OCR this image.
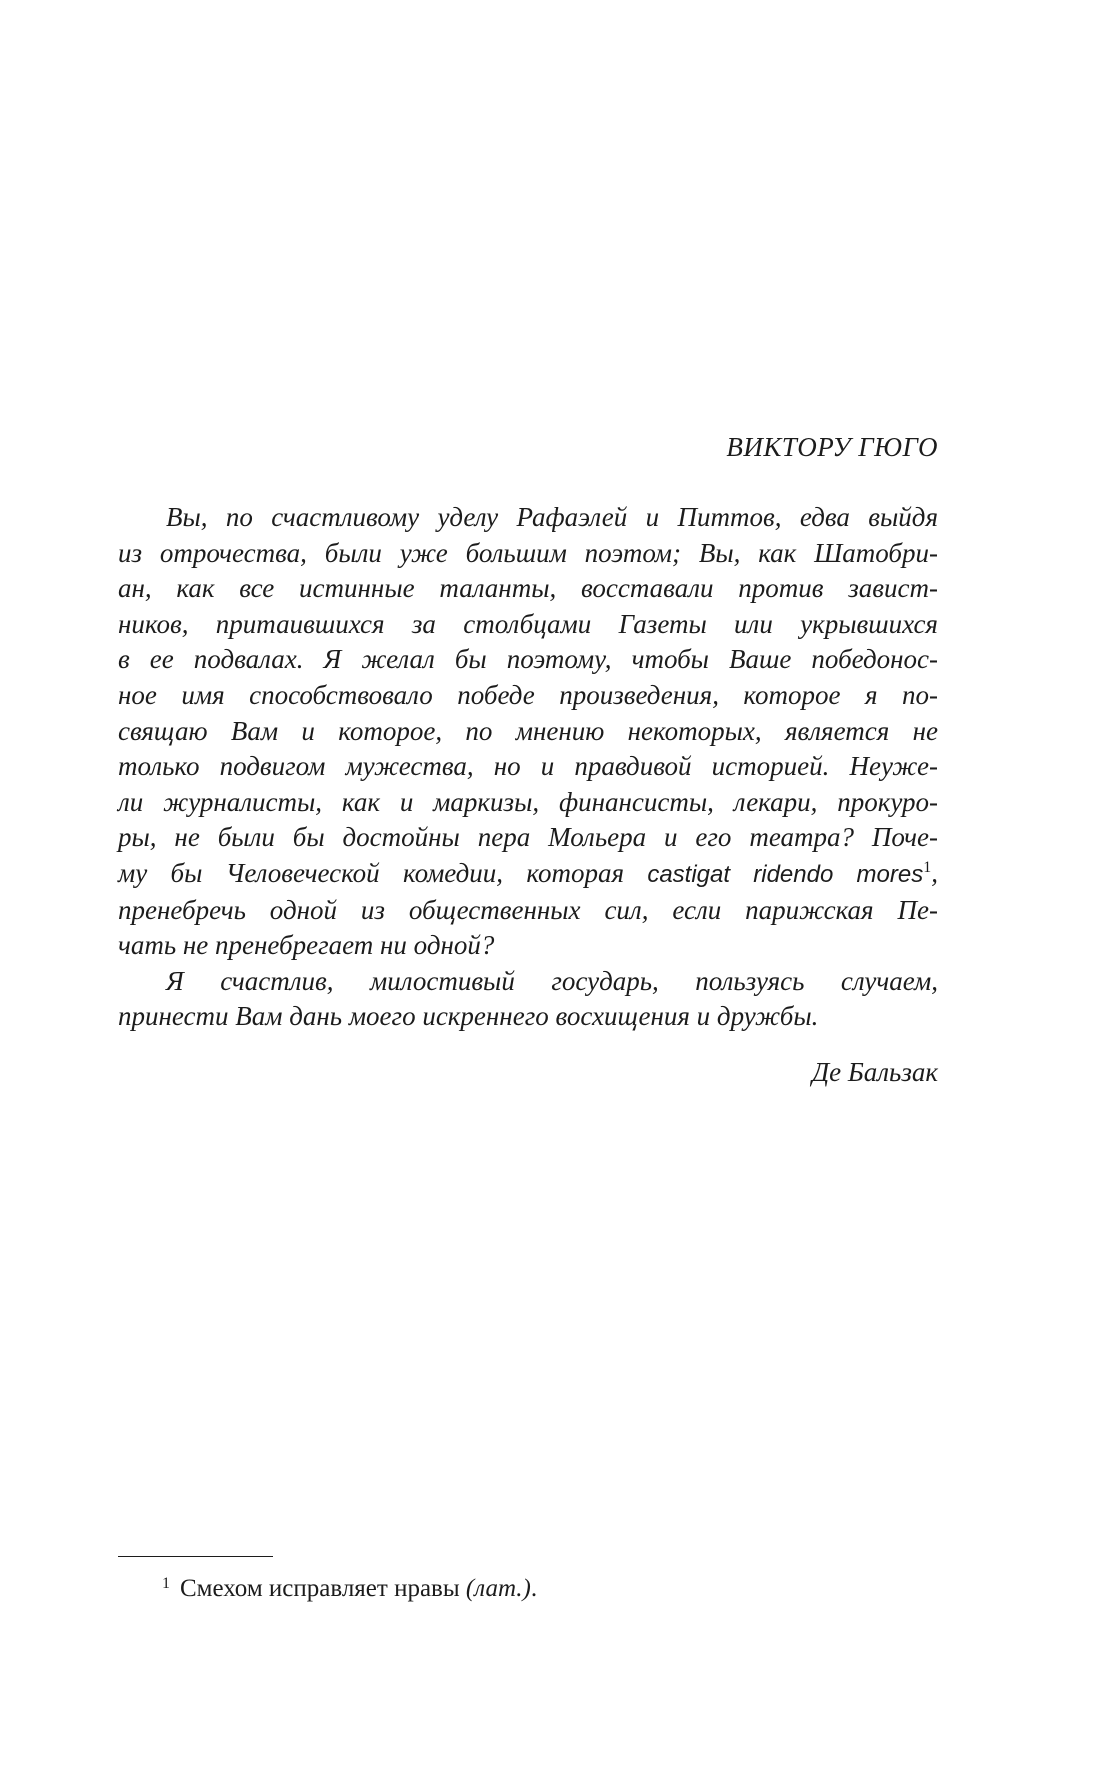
ВИКТОРУ ГЮГО
Вы, по счастливому уделу Рафаэлей и Питтов, едва выйдя
из отрочества, были уже большим поэтом; Вы, как Шатобри-
ан, как все истинные таланты, восставали против завист-
ников, притаившихся за столбцами Газеты или укрывшихся
в ее подвалах. Я желал бы поэтому, чтобы Ваше победонос-
ное имя способствовало победе произведения, которое я по-
свящаю Вам и которое, по мнению некоторых, является не
только подвигом мужества, но и правдивой историей. Неуже-
ли журналисты, как и маркизы, финансисты, лекари, прокуро-
ры, не были бы достойны пера Мольера и его театра? Поче-
му бы Человеческой комедии, которая castigat ridendo mores$^1$,
пренебречь одной из общественных сил, если парижская Пе-
чать не пренебрегает ни одной?
Я счастлив, милостивый государь, пользуясь случаем,
принести Вам дань моего искреннего восхищения и дружбы.
Де Бальзак
$^1$ Смехом исправляет нравы (лат.).
